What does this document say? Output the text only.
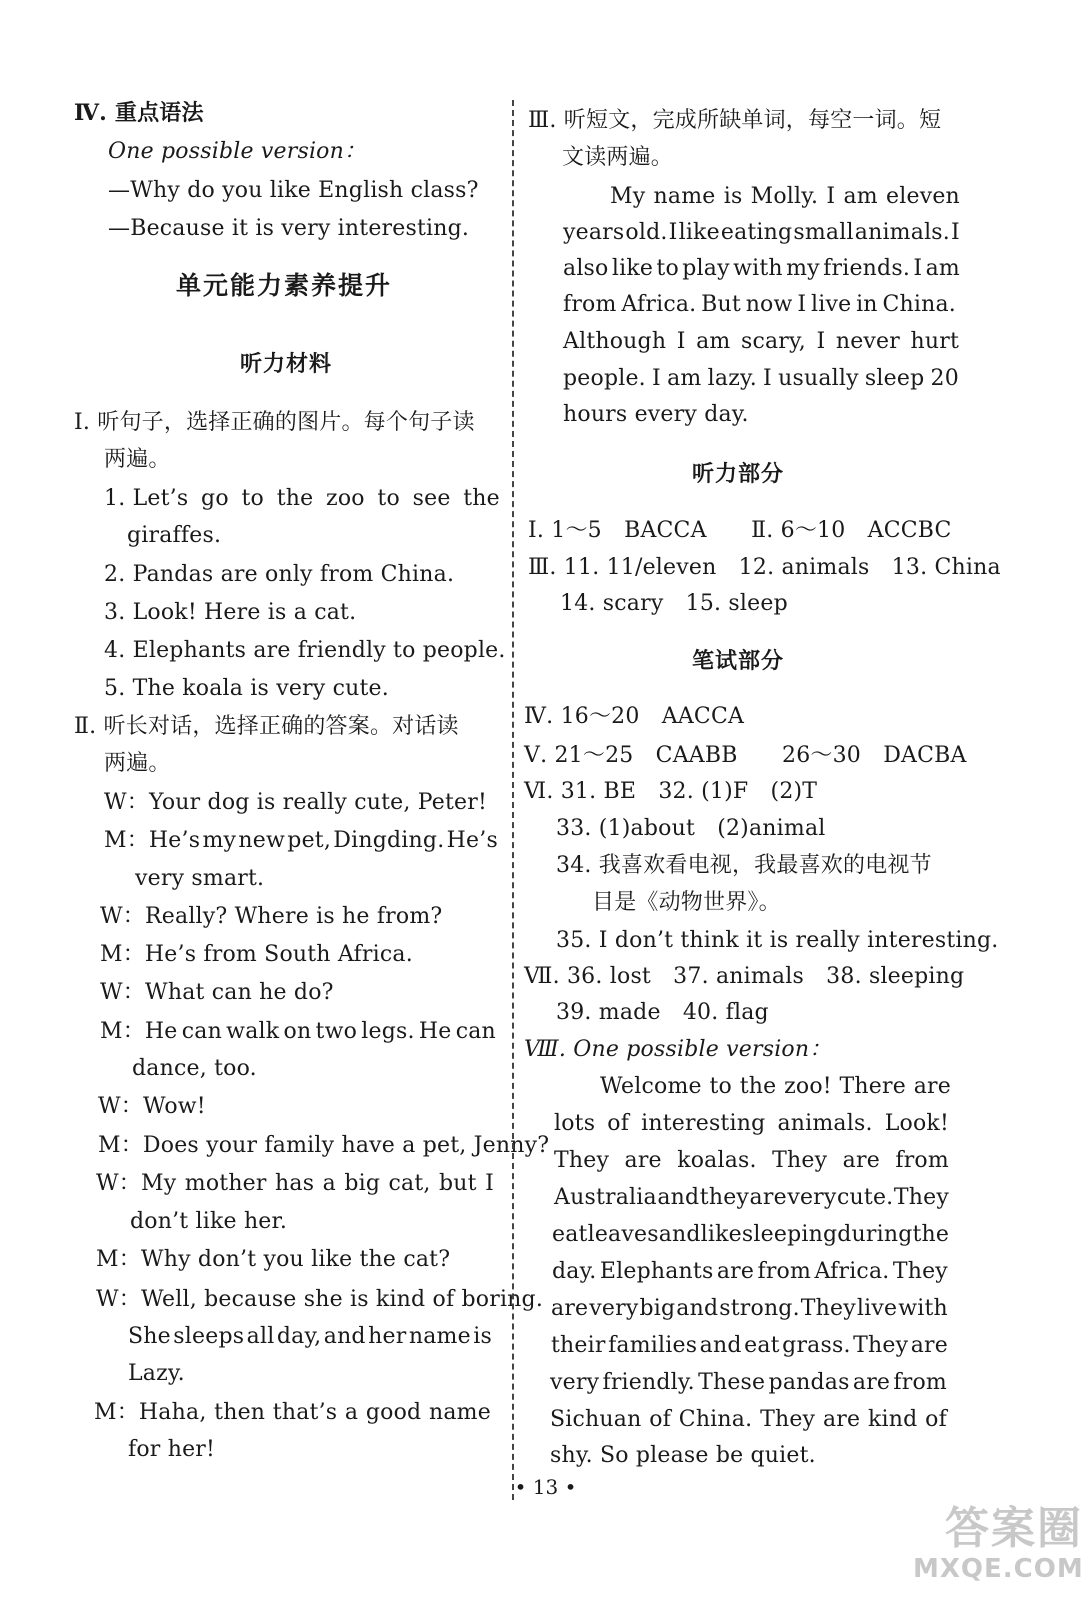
Ⅳ. 重点语法
One possible version：
—Why do you like English class?
—Because it is very interesting.
单元能力素养提升
听力材料
Ⅰ. 听句子，选择正确的图片。每个句子读
两遍。
1. Let’s go to the zoo to see the
giraffes.
2. Pandas are only from China.
3. Look! Here is a cat.
4. Elephants are friendly to people.
5. The koala is very cute.
Ⅱ. 听长对话，选择正确的答案。对话读
两遍。
W：Your dog is really cute, Peter!
M：He’s my new pet, Dingding. He’s
very smart.
W：Really? Where is he from?
M：He’s from South Africa.
W：What can he do?
M：He can walk on two legs. He can
dance, too.
W：Wow!
M：Does your family have a pet, Jenny?
W：My mother has a big cat, but I
don’t like her.
M：Why don’t you like the cat?
W：Well, because she is kind of boring.
She sleeps all day, and her name is
Lazy.
M：Haha, then that’s a good name
for her!
Ⅲ. 听短文，完成所缺单词，每空一词。短
文读两遍。
My name is Molly. I am eleven
years old. I like eating small animals. I
also like to play with my friends. I am
from Africa. But now I live in China.
Although I am scary, I never hurt
people. I am lazy. I usually sleep 20
hours every day.
听力部分
Ⅰ. 1～5　BACCA　　Ⅱ. 6～10　ACCBC
Ⅲ. 11. 11/eleven　12. animals　13. China
14. scary　15. sleep
笔试部分
Ⅳ. 16～20　AACCA
Ⅴ. 21～25　CAABB　　26～30　DACBA
Ⅵ. 31. BE　32. (1)F　(2)T
33. (1)about　(2)animal
34. 我喜欢看电视，我最喜欢的电视节
目是《动物世界》。
35. I don’t think it is really interesting.
Ⅶ. 36. lost　37. animals　38. sleeping
39. made　40. flag
Ⅷ. One possible version：
Welcome to the zoo! There are
lots of interesting animals. Look!
They are koalas. They are from
Australia and they are very cute. They
eat leaves and like sleeping during the
day. Elephants are from Africa. They
are very big and strong. They live with
their families and eat grass. They are
very friendly. These pandas are from
Sichuan of China. They are kind of
shy. So please be quiet.
• 13 •
答案圈
MXQE.COM
